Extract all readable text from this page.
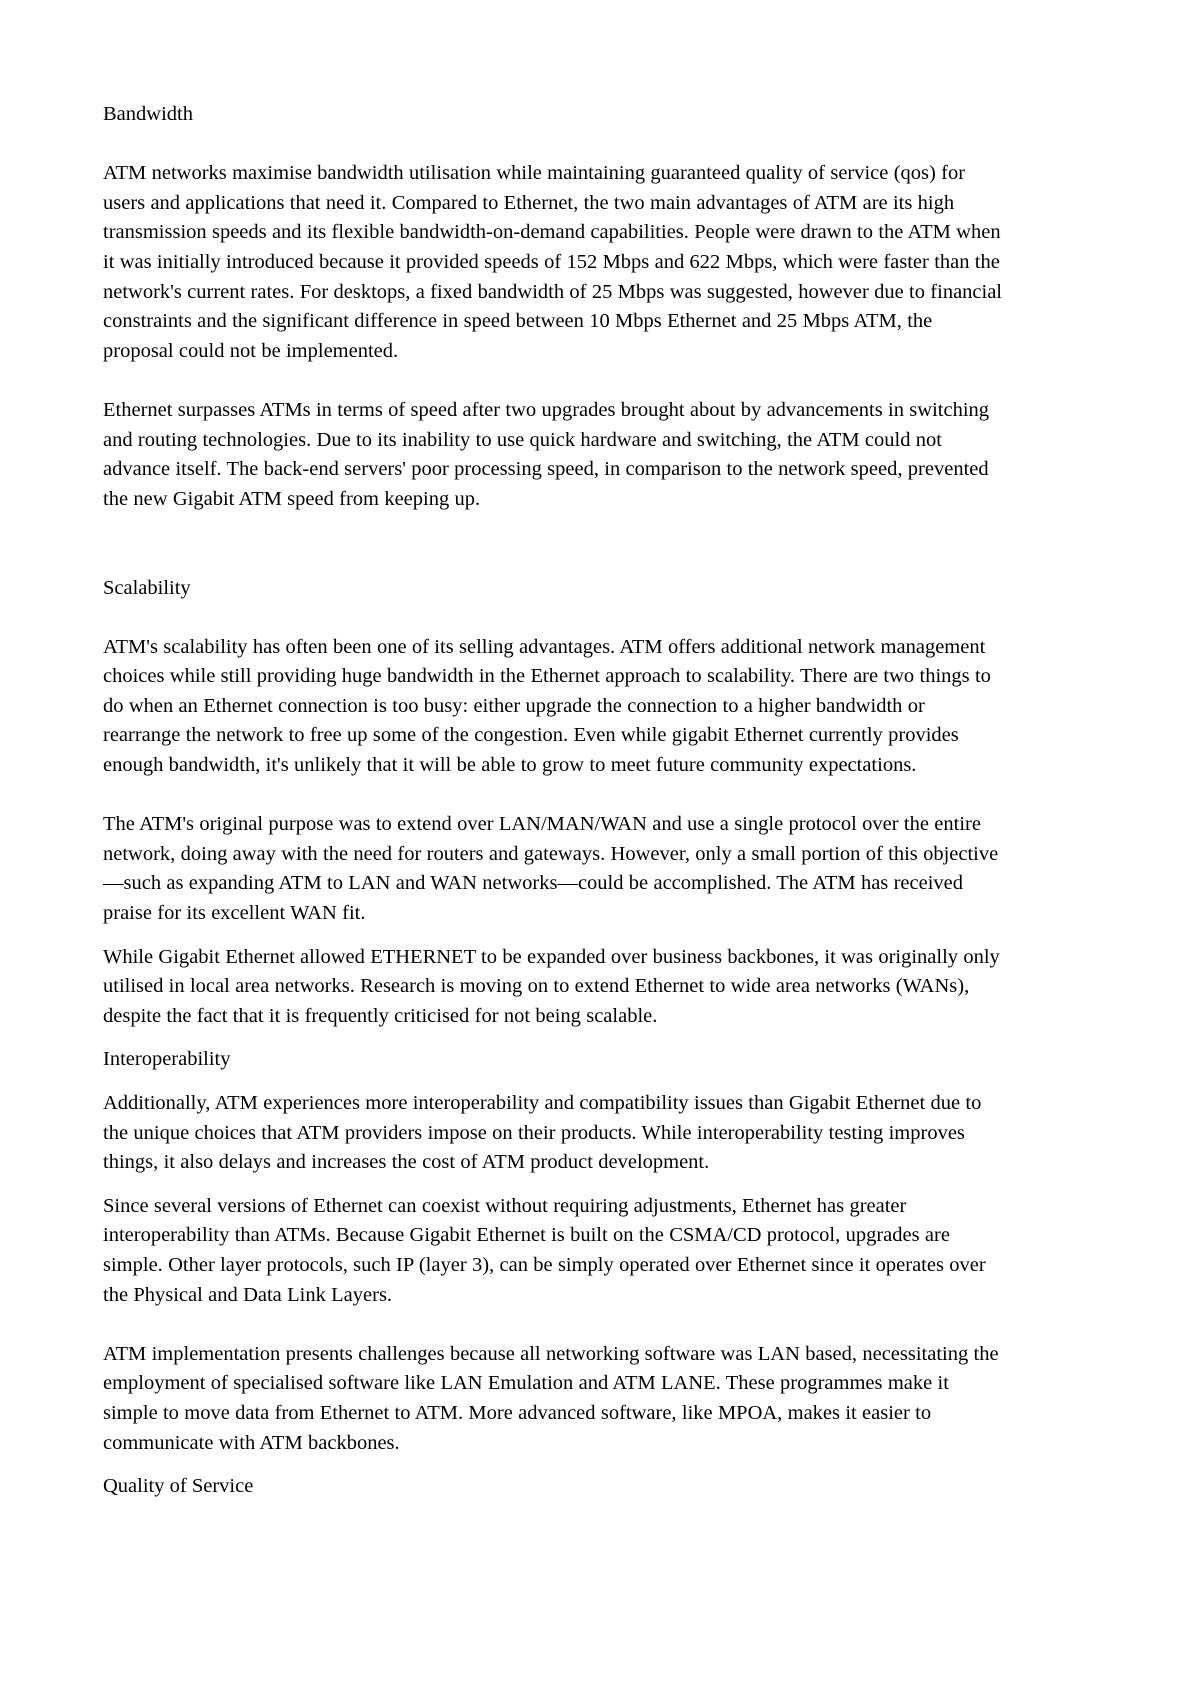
Bandwidth

ATM networks maximise bandwidth utilisation while maintaining guaranteed quality of service (qos) for users and applications that need it. Compared to Ethernet, the two main advantages of ATM are its high transmission speeds and its flexible bandwidth-on-demand capabilities. People were drawn to the ATM when it was initially introduced because it provided speeds of 152 Mbps and 622 Mbps, which were faster than the network's current rates. For desktops, a fixed bandwidth of 25 Mbps was suggested, however due to financial constraints and the significant difference in speed between 10 Mbps Ethernet and 25 Mbps ATM, the proposal could not be implemented.

Ethernet surpasses ATMs in terms of speed after two upgrades brought about by advancements in switching and routing technologies. Due to its inability to use quick hardware and switching, the ATM could not advance itself. The back-end servers' poor processing speed, in comparison to the network speed, prevented the new Gigabit ATM speed from keeping up.

Scalability

ATM's scalability has often been one of its selling advantages. ATM offers additional network management choices while still providing huge bandwidth in the Ethernet approach to scalability. There are two things to do when an Ethernet connection is too busy: either upgrade the connection to a higher bandwidth or rearrange the network to free up some of the congestion. Even while gigabit Ethernet currently provides enough bandwidth, it's unlikely that it will be able to grow to meet future community expectations.

The ATM's original purpose was to extend over LAN/MAN/WAN and use a single protocol over the entire network, doing away with the need for routers and gateways. However, only a small portion of this objective—such as expanding ATM to LAN and WAN networks—could be accomplished. The ATM has received praise for its excellent WAN fit.

While Gigabit Ethernet allowed ETHERNET to be expanded over business backbones, it was originally only utilised in local area networks. Research is moving on to extend Ethernet to wide area networks (WANs), despite the fact that it is frequently criticised for not being scalable.

Interoperability

Additionally, ATM experiences more interoperability and compatibility issues than Gigabit Ethernet due to the unique choices that ATM providers impose on their products. While interoperability testing improves things, it also delays and increases the cost of ATM product development.

Since several versions of Ethernet can coexist without requiring adjustments, Ethernet has greater interoperability than ATMs. Because Gigabit Ethernet is built on the CSMA/CD protocol, upgrades are simple. Other layer protocols, such IP (layer 3), can be simply operated over Ethernet since it operates over the Physical and Data Link Layers.

ATM implementation presents challenges because all networking software was LAN based, necessitating the employment of specialised software like LAN Emulation and ATM LANE. These programmes make it simple to move data from Ethernet to ATM. More advanced software, like MPOA, makes it easier to communicate with ATM backbones.

Quality of Service
